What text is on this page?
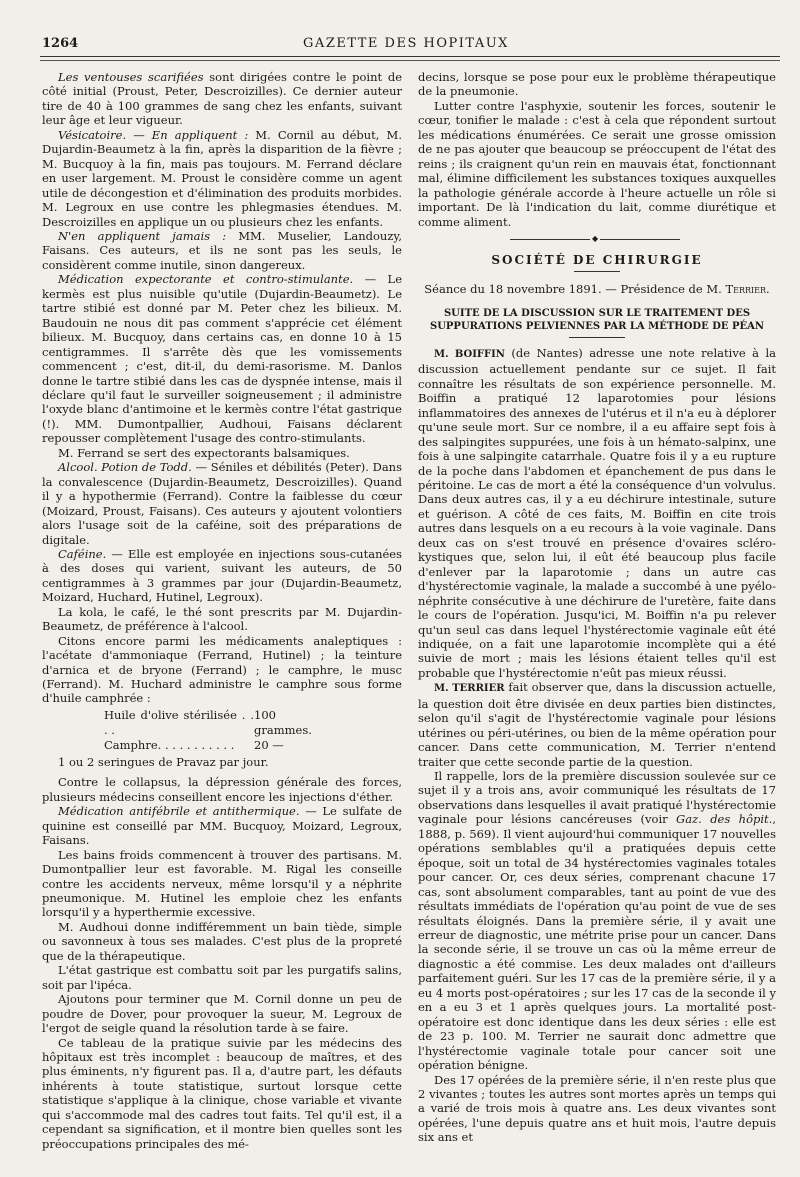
1264	GAZETTE DES HOPITAUX

Les ventouses scarifiées sont dirigées contre le point de côté initial (Proust, Peter, Descroizilles). Ce dernier auteur tire de 40 à 100 grammes de sang chez les enfants, suivant leur âge et leur vigueur.

Vésicatoire. — En appliquent : M. Cornil au début, M. Dujardin-Beaumetz à la fin, après la disparition de la fièvre ; M. Bucquoy à la fin, mais pas toujours. M. Ferrand déclare en user largement. M. Proust le considère comme un agent utile de décongestion et d'élimination des produits morbides. M. Legroux en use contre les phlegmasies étendues. M. Descroizilles en applique un ou plusieurs chez les enfants.

N'en appliquent jamais : MM. Muselier, Landouzy, Faisans. Ces auteurs, et ils ne sont pas les seuls, le considèrent comme inutile, sinon dangereux.

Médication expectorante et contro-stimulante. — Le kermès est plus nuisible qu'utile (Dujardin-Beaumetz). Le tartre stibié est donné par M. Peter chez les bilieux. M. Baudouin ne nous dit pas comment s'apprécie cet élément bilieux. M. Bucquoy, dans certains cas, en donne 10 à 15 centigrammes. Il s'arrête dès que les vomissements commencent ; c'est, dit-il, du demi-rasorisme. M. Danlos donne le tartre stibié dans les cas de dyspnée intense, mais il déclare qu'il faut le surveiller soigneusement ; il administre l'oxyde blanc d'antimoine et le kermès contre l'état gastrique (!). MM. Dumontpallier, Audhoui, Faisans déclarent repousser complètement l'usage des contro-stimulants.

M. Ferrand se sert des expectorants balsamiques.

Alcool. Potion de Todd. — Séniles et débilités (Peter). Dans la convalescence (Dujardin-Beaumetz, Descroizilles). Quand il y a hypothermie (Ferrand). Contre la faiblesse du cœur (Moizard, Proust, Faisans). Ces auteurs y ajoutent volontiers alors l'usage soit de la caféine, soit des préparations de digitale.

Caféine. — Elle est employée en injections sous-cutanées à des doses qui varient, suivant les auteurs, de 50 centigrammes à 3 grammes par jour (Dujardin-Beaumetz, Moizard, Huchard, Hutinel, Legroux).

La kola, le café, le thé sont prescrits par M. Dujardin-Beaumetz, de préférence à l'alcool.

Citons encore parmi les médicaments analeptiques : l'acétate d'ammoniaque (Ferrand, Hutinel) ; la teinture d'arnica et de bryone (Ferrand) ; le camphre, le musc (Ferrand). M. Huchard administre le camphre sous forme d'huile camphrée :

Huile d'olive stérilisée . . . .
100 grammes.
Camphre. . . . . . . . . . .	20 —

1 ou 2 seringues de Pravaz par jour.

Contre le collapsus, la dépression générale des forces, plusieurs médecins conseillent encore les injections d'éther.

Médication antifébrile et antithermique. — Le sulfate de quinine est conseillé par MM. Bucquoy, Moizard, Legroux, Faisans.

Les bains froids commencent à trouver des partisans. M. Dumontpallier leur est favorable. M. Rigal les conseille contre les accidents nerveux, même lorsqu'il y a néphrite pneumonique. M. Hutinel les emploie chez les enfants lorsqu'il y a hyperthermie excessive.

M. Audhoui donne indifféremment un bain tiède, simple ou savonneux à tous ses malades. C'est plus de la propreté que de la thérapeutique.

L'état gastrique est combattu soit par les purgatifs salins, soit par l'ipéca.

Ajoutons pour terminer que M. Cornil donne un peu de poudre de Dover, pour provoquer la sueur, M. Legroux de l'ergot de seigle quand la résolution tarde à se faire.

Ce tableau de la pratique suivie par les médecins des hôpitaux est très incomplet : beaucoup de maîtres, et des plus éminents, n'y figurent pas. Il a, d'autre part, les défauts inhérents à toute statistique, surtout lorsque cette statistique s'applique à la clinique, chose variable et vivante qui s'accommode mal des cadres tout faits. Tel qu'il est, il a cependant sa signification, et il montre bien quelles sont les préoccupations principales des mé-

decins, lorsque se pose pour eux le problème thérapeutique de la pneumonie.

Lutter contre l'asphyxie, soutenir les forces, soutenir le cœur, tonifier le malade : c'est à cela que répondent surtout les médications énumérées. Ce serait une grosse omission de ne pas ajouter que beaucoup se préoccupent de l'état des reins ; ils craignent qu'un rein en mauvais état, fonctionnant mal, élimine difficilement les substances toxiques auxquelles la pathologie générale accorde à l'heure actuelle un rôle si important. De là l'indication du lait, comme diurétique et comme aliment.

◆
SOCIÉTÉ DE CHIRURGIE
Séance du 18 novembre 1891. — Présidence de M. Terrier.
SUITE DE LA DISCUSSION SUR LE TRAITEMENT DES SUPPURATIONS PELVIENNES PAR LA MÉTHODE DE PÉAN

M. BOIFFIN (de Nantes) adresse une note relative à la discussion actuellement pendante sur ce sujet. Il fait connaître les résultats de son expérience personnelle. M. Boiffin a pratiqué 12 laparotomies pour lésions inflammatoires des annexes de l'utérus et il n'a eu à déplorer qu'une seule mort. Sur ce nombre, il a eu affaire sept fois à des salpingites suppurées, une fois à un hémato-salpinx, une fois à une salpingite catarrhale. Quatre fois il y a eu rupture de la poche dans l'abdomen et épanchement de pus dans le péritoine. Le cas de mort a été la conséquence d'un volvulus. Dans deux autres cas, il y a eu déchirure intestinale, suture et guérison. A côté de ces faits, M. Boiffin en cite trois autres dans lesquels on a eu recours à la voie vaginale. Dans deux cas on s'est trouvé en présence d'ovaires scléro-kystiques que, selon lui, il eût été beaucoup plus facile d'enlever par la laparotomie ; dans un autre cas d'hystérectomie vaginale, la malade a succombé à une pyélo-néphrite consécutive à une déchirure de l'uretère, faite dans le cours de l'opération. Jusqu'ici, M. Boiffin n'a pu relever qu'un seul cas dans lequel l'hystérectomie vaginale eût été indiquée, on a fait une laparotomie incomplète qui a été suivie de mort ; mais les lésions étaient telles qu'il est probable que l'hystérectomie n'eût pas mieux réussi.

M. TERRIER fait observer que, dans la discussion actuelle, la question doit être divisée en deux parties bien distinctes, selon qu'il s'agit de l'hystérectomie vaginale pour lésions utérines ou péri-utérines, ou bien de la même opération pour cancer. Dans cette communication, M. Terrier n'entend traiter que cette seconde partie de la question.

Il rappelle, lors de la première discussion soulevée sur ce sujet il y a trois ans, avoir communiqué les résultats de 17 observations dans lesquelles il avait pratiqué l'hystérectomie vaginale pour lésions cancéreuses (voir Gaz. des hôpit., 1888, p. 569). Il vient aujourd'hui communiquer 17 nouvelles opérations semblables qu'il a pratiquées depuis cette époque, soit un total de 34 hystérectomies vaginales totales pour cancer. Or, ces deux séries, comprenant chacune 17 cas, sont absolument comparables, tant au point de vue des résultats immédiats de l'opération qu'au point de vue de ses résultats éloignés. Dans la première série, il y avait une erreur de diagnostic, une métrite prise pour un cancer. Dans la seconde série, il se trouve un cas où la même erreur de diagnostic a été commise. Les deux malades ont d'ailleurs parfaitement guéri. Sur les 17 cas de la première série, il y a eu 4 morts post-opératoires ; sur les 17 cas de la seconde il y en a eu 3 et 1 après quelques jours. La mortalité post-opératoire est donc identique dans les deux séries : elle est de 23 p. 100. M. Terrier ne saurait donc admettre que l'hystérectomie vaginale totale pour cancer soit une opération bénigne.

Des 17 opérées de la première série, il n'en reste plus que 2 vivantes ; toutes les autres sont mortes après un temps qui a varié de trois mois à quatre ans. Les deux vivantes sont opérées, l'une depuis quatre ans et huit mois, l'autre depuis six ans et
